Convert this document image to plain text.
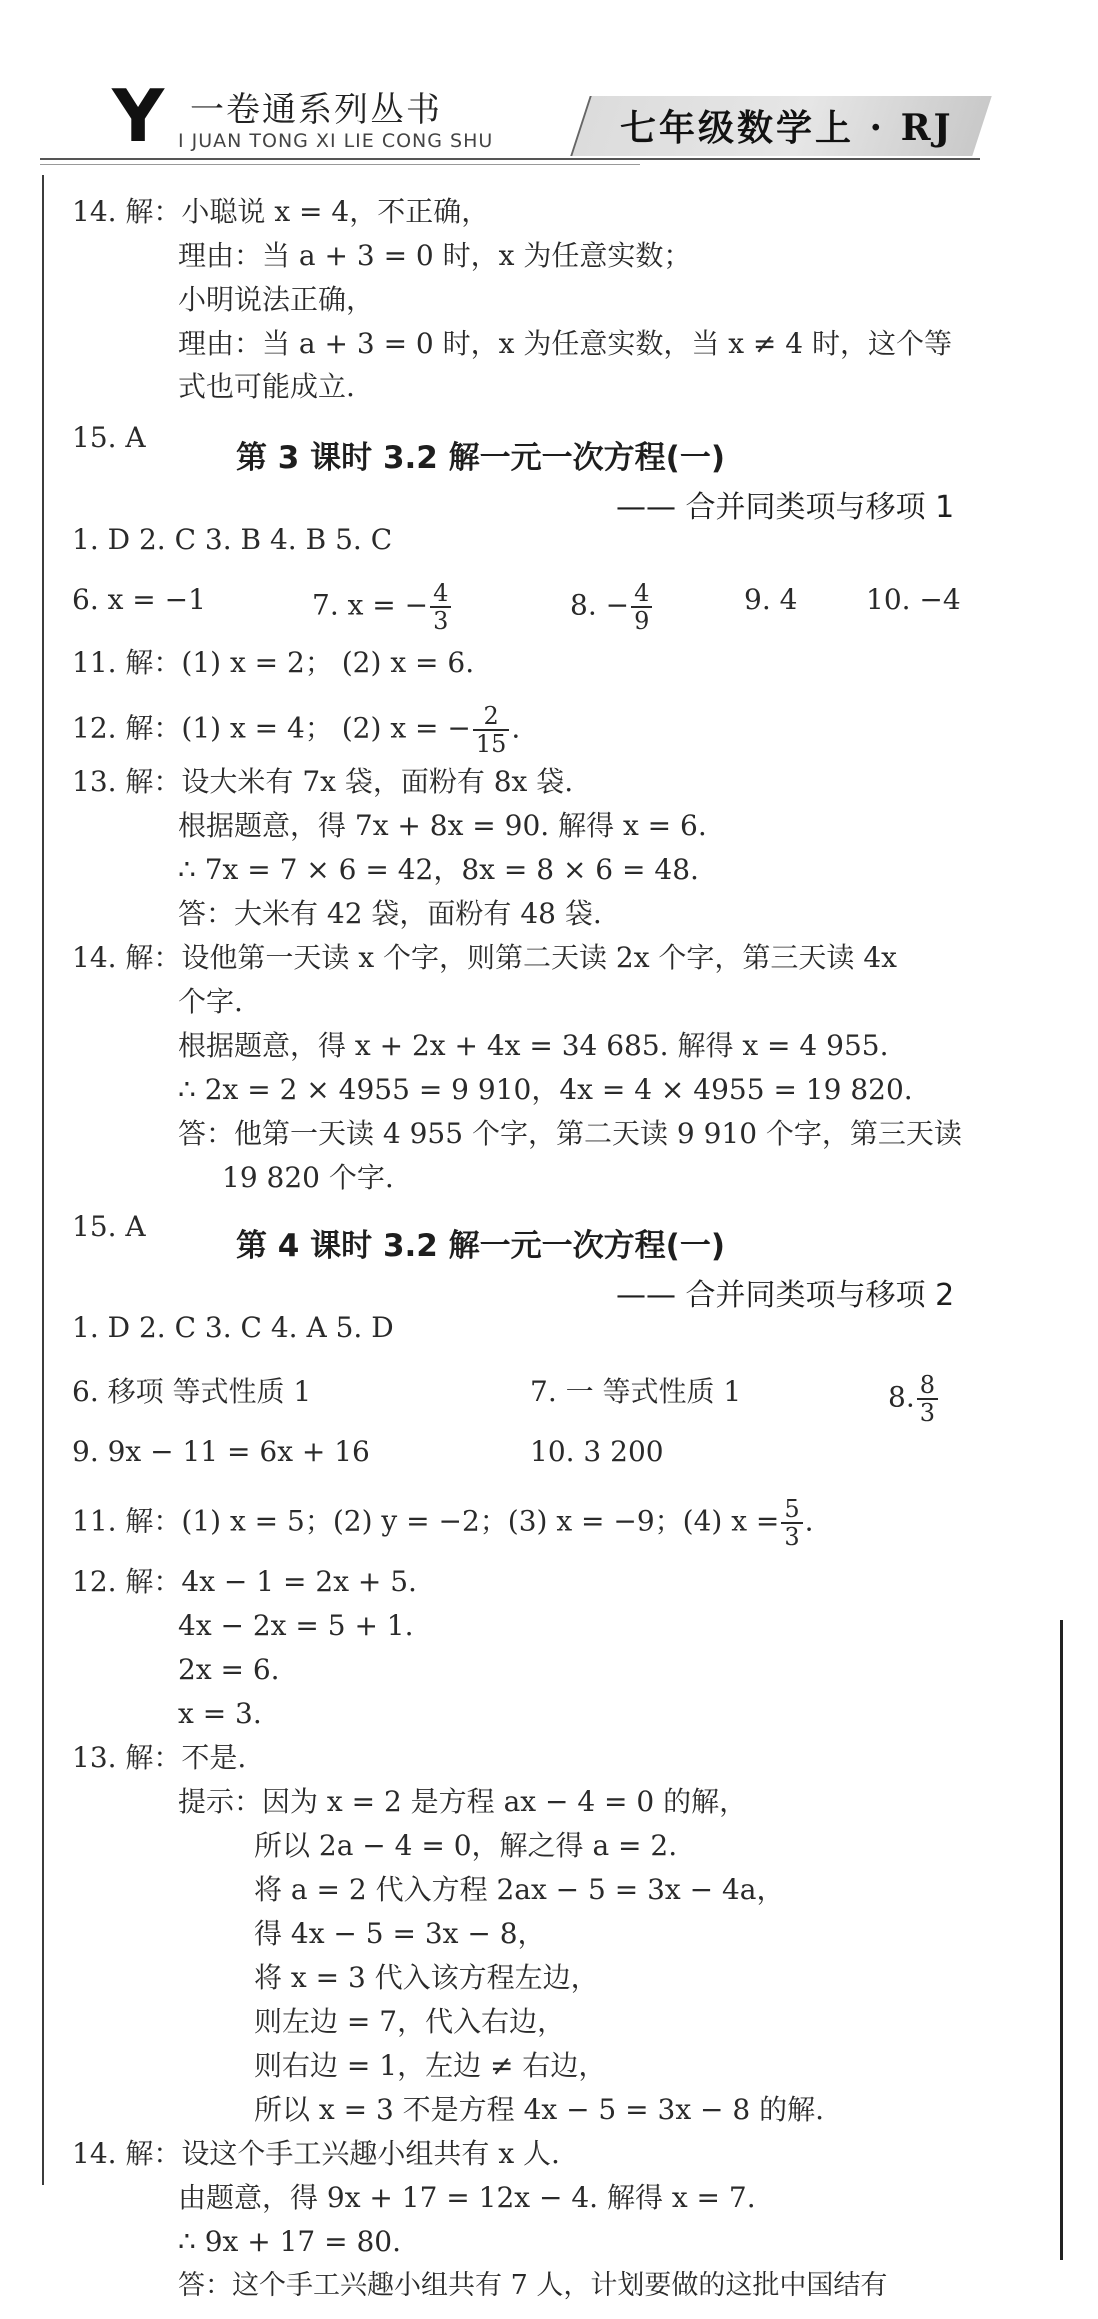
Y 一卷通系列丛书
I JUAN TONG XI LIE CONG SHU	七年级数学上 · RJ
14. 解：小聪说 x = 4，不正确，
理由：当 a + 3 = 0 时，x 为任意实数；
小明说法正确，
理由：当 a + 3 = 0 时，x 为任意实数，当 x ≠ 4 时，这个等
式也可能成立.
15. A
第 3 课时 3.2 解一元一次方程(一)
—— 合并同类项与移项 1
1. D 2. C 3. B 4. B 5. C
6. x = −1	7. x = − $\frac{4}{3}$	8. − $\frac{4}{9}$	9. 4 10. −4
11. 解：(1) x = 2； (2) x = 6.
12. 解：(1) x = 4； (2) x = − $\frac{2}{15}$ .
13. 解：设大米有 7x 袋，面粉有 8x 袋.
根据题意，得 7x + 8x = 90. 解得 x = 6.
∴ 7x = 7 × 6 = 42，8x = 8 × 6 = 48.
答：大米有 42 袋，面粉有 48 袋.
14. 解：设他第一天读 x 个字，则第二天读 2x 个字，第三天读 4x
个字.
根据题意，得 x + 2x + 4x = 34 685. 解得 x = 4 955.
∴ 2x = 2 × 4955 = 9 910，4x = 4 × 4955 = 19 820.
答：他第一天读 4 955 个字，第二天读 9 910 个字，第三天读
19 820 个字.
15. A
第 4 课时 3.2 解一元一次方程(一)
—— 合并同类项与移项 2
1. D 2. C 3. C 4. A 5. D
6. 移项 等式性质 1	7. 一 等式性质 1	8. $\frac{8}{3}$
9. 9x − 11 = 6x + 16	10. 3 200
11. 解：(1) x = 5；(2) y = −2；(3) x = −9；(4) $x = \frac{5}{3}$ .
12. 解：4x − 1 = 2x + 5.
4x − 2x = 5 + 1.
2x = 6.
x = 3.
13. 解：不是.
提示：因为 x = 2 是方程 ax − 4 = 0 的解，
所以 2a − 4 = 0，解之得 a = 2.
将 a = 2 代入方程 2ax − 5 = 3x − 4a，
得 4x − 5 = 3x − 8，
将 x = 3 代入该方程左边，
则左边 = 7，代入右边，
则右边 = 1，左边 ≠ 右边，
所以 x = 3 不是方程 4x − 5 = 3x − 8 的解.
14. 解：设这个手工兴趣小组共有 x 人.
由题意，得 9x + 17 = 12x − 4. 解得 x = 7.
∴ 9x + 17 = 80.
答：这个手工兴趣小组共有 7 人，计划要做的这批中国结有
